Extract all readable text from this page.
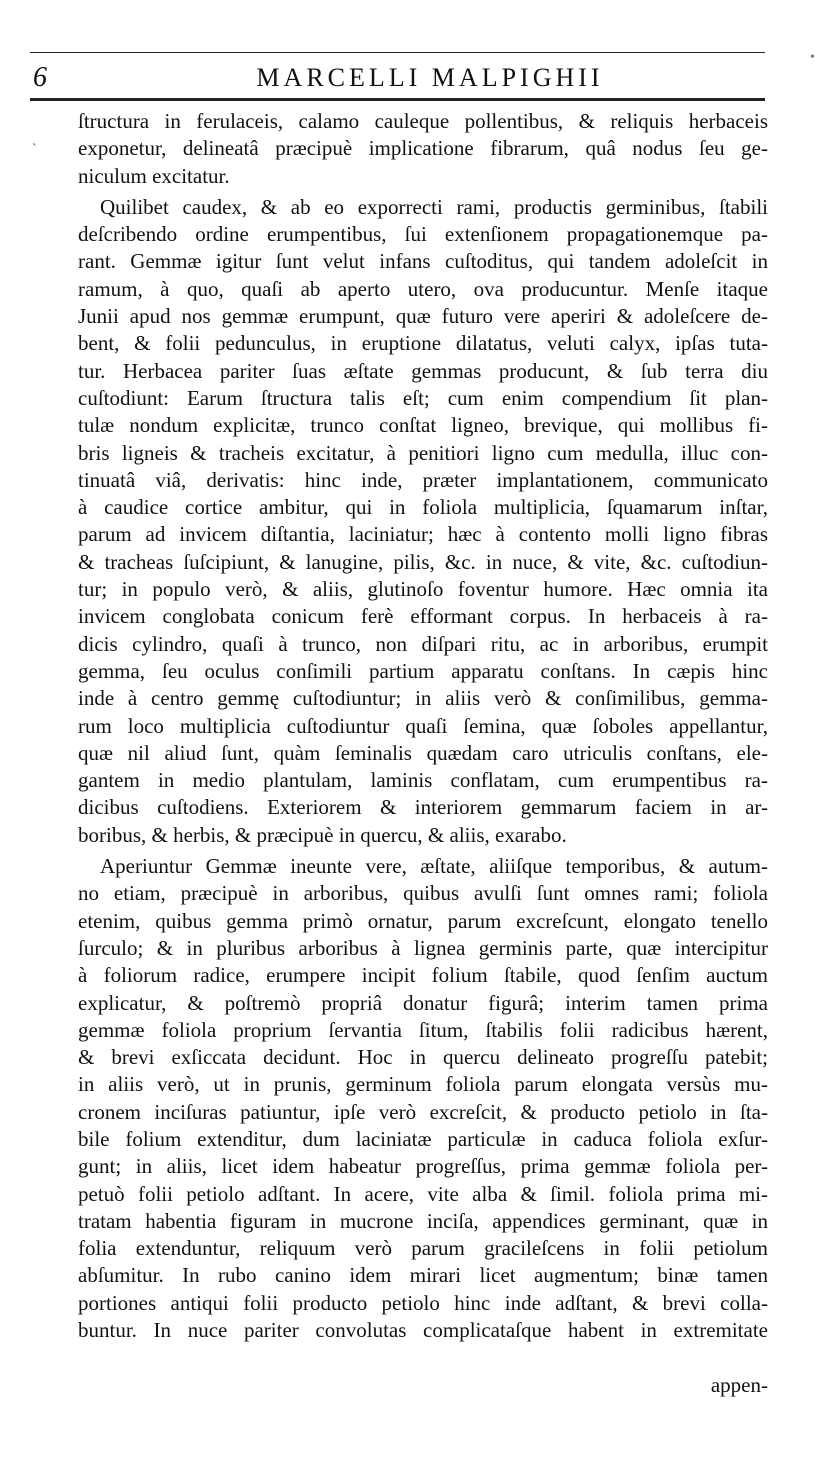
6	MARCELLI MALPIGHII
•
ˋ
ſtructura in ferulaceis, calamo cauleque pollentibus, & reliquis herbaceis
exponetur, delineatâ præcipuè implicatione fibrarum, quâ nodus ſeu ge-
niculum excitatur.
Quilibet caudex, & ab eo exporrecti rami, productis germinibus, ſtabili
deſcribendo ordine erumpentibus, ſui extenſionem propagationemque pa-
rant. Gemmæ igitur ſunt velut infans cuſtoditus, qui tandem adoleſcit in
ramum, à quo, quaſi ab aperto utero, ova producuntur. Menſe itaque
Junii apud nos gemmæ erumpunt, quæ futuro vere aperiri & adoleſcere de-
bent, & folii pedunculus, in eruptione dilatatus, veluti calyx, ipſas tuta-
tur. Herbacea pariter ſuas æſtate gemmas producunt, & ſub terra diu
cuſtodiunt: Earum ſtructura talis eſt; cum enim compendium ſit plan-
tulæ nondum explicitæ, trunco conſtat ligneo, brevique, qui mollibus fi-
bris ligneis & tracheis excitatur, à penitiori ligno cum medulla, illuc con-
tinuatâ viâ, derivatis: hinc inde, præter implantationem, communicato
à caudice cortice ambitur, qui in foliola multiplicia, ſquamarum inſtar,
parum ad invicem diſtantia, laciniatur; hæc à contento molli ligno fibras
& tracheas ſuſcipiunt, & lanugine, pilis, &c. in nuce, & vite, &c. cuſtodiun-
tur; in populo verò, & aliis, glutinoſo foventur humore. Hæc omnia ita
invicem conglobata conicum ferè efformant corpus. In herbaceis à ra-
dicis cylindro, quaſi à trunco, non diſpari ritu, ac in arboribus, erumpit
gemma, ſeu oculus conſimili partium apparatu conſtans. In cæpis hinc
inde à centro gemmę cuſtodiuntur; in aliis verò & conſimilibus, gemma-
rum loco multiplicia cuſtodiuntur quaſi ſemina, quæ ſoboles appellantur,
quæ nil aliud ſunt, quàm ſeminalis quædam caro utriculis conſtans, ele-
gantem in medio plantulam, laminis conflatam, cum erumpentibus ra-
dicibus cuſtodiens. Exteriorem & interiorem gemmarum faciem in ar-
boribus, & herbis, & præcipuè in quercu, & aliis, exarabo.
Aperiuntur Gemmæ ineunte vere, æſtate, aliiſque temporibus, & autum-
no etiam, præcipuè in arboribus, quibus avulſi ſunt omnes rami; foliola
etenim, quibus gemma primò ornatur, parum excreſcunt, elongato tenello
ſurculo; & in pluribus arboribus à lignea germinis parte, quæ intercipitur
à foliorum radice, erumpere incipit folium ſtabile, quod ſenſim auctum
explicatur, & poſtremò propriâ donatur figurâ; interim tamen prima
gemmæ foliola proprium ſervantia ſitum, ſtabilis folii radicibus hærent,
& brevi exſiccata decidunt. Hoc in quercu delineato progreſſu patebit;
in aliis verò, ut in prunis, germinum foliola parum elongata versùs mu-
cronem inciſuras patiuntur, ipſe verò excreſcit, & producto petiolo in ſta-
bile folium extenditur, dum laciniatæ particulæ in caduca foliola exſur-
gunt; in aliis, licet idem habeatur progreſſus, prima gemmæ foliola per-
petuò folii petiolo adſtant. In acere, vite alba & ſimil. foliola prima mi-
tratam habentia figuram in mucrone inciſa, appendices germinant, quæ in
folia extenduntur, reliquum verò parum gracileſcens in folii petiolum
abſumitur. In rubo canino idem mirari licet augmentum; binæ tamen
portiones antiqui folii producto petiolo hinc inde adſtant, & brevi colla-
buntur. In nuce pariter convolutas complicataſque habent in extremitate
appen-
